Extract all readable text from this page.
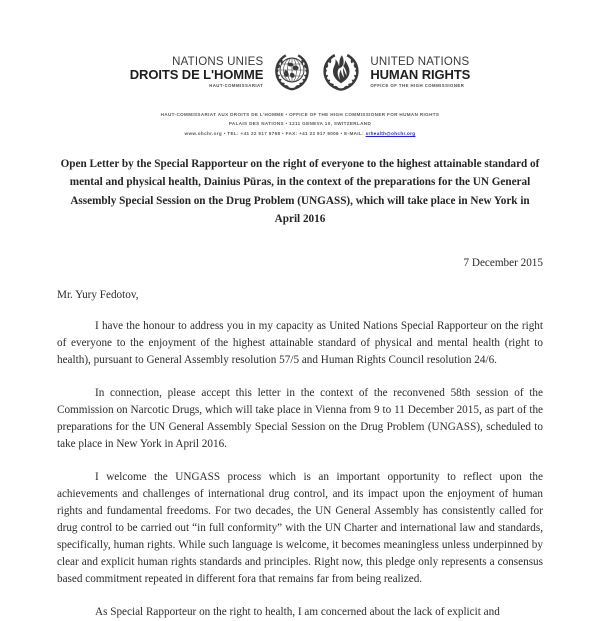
NATIONS UNIES
DROITS DE L'HOMME
HAUT-COMMISSARIAT
UNITED NATIONS
HUMAN RIGHTS
OFFICE OF THE HIGH COMMISSIONER
HAUT-COMMISSARIAT AUX DROITS DE L'HOMME • OFFICE OF THE HIGH COMMISSIONER FOR HUMAN RIGHTS
PALAIS DES NATIONS • 1211 GENEVA 10, SWITZERLAND
www.ohchr.org • TEL: +41 22 917 9768 • FAX: +41 22 917 9006 • E-MAIL: srhealth@ohchr.org
Open Letter by the Special Rapporteur on the right of everyone to the highest attainable standard of mental and physical health, Dainius Pūras, in the context of the preparations for the UN General Assembly Special Session on the Drug Problem (UNGASS), which will take place in New York in April 2016
7 December 2015
Mr. Yury Fedotov,

I have the honour to address you in my capacity as United Nations Special Rapporteur on the right of everyone to the enjoyment of the highest attainable standard of physical and mental health (right to health), pursuant to General Assembly resolution 57/5 and Human Rights Council resolution 24/6.

In connection, please accept this letter in the context of the reconvened 58th session of the Commission on Narcotic Drugs, which will take place in Vienna from 9 to 11 December 2015, as part of the preparations for the UN General Assembly Special Session on the Drug Problem (UNGASS), scheduled to take place in New York in April 2016.

I welcome the UNGASS process which is an important opportunity to reflect upon the achievements and challenges of international drug control, and its impact upon the enjoyment of human rights and fundamental freedoms. For two decades, the UN General Assembly has consistently called for drug control to be carried out “in full conformity” with the UN Charter and international law and standards, specifically, human rights. While such language is welcome, it becomes meaningless unless underpinned by clear and explicit human rights standards and principles. Right now, this pledge only represents a consensus based commitment repeated in different fora that remains far from being realized.

As Special Rapporteur on the right to health, I am concerned about the lack of explicit and
